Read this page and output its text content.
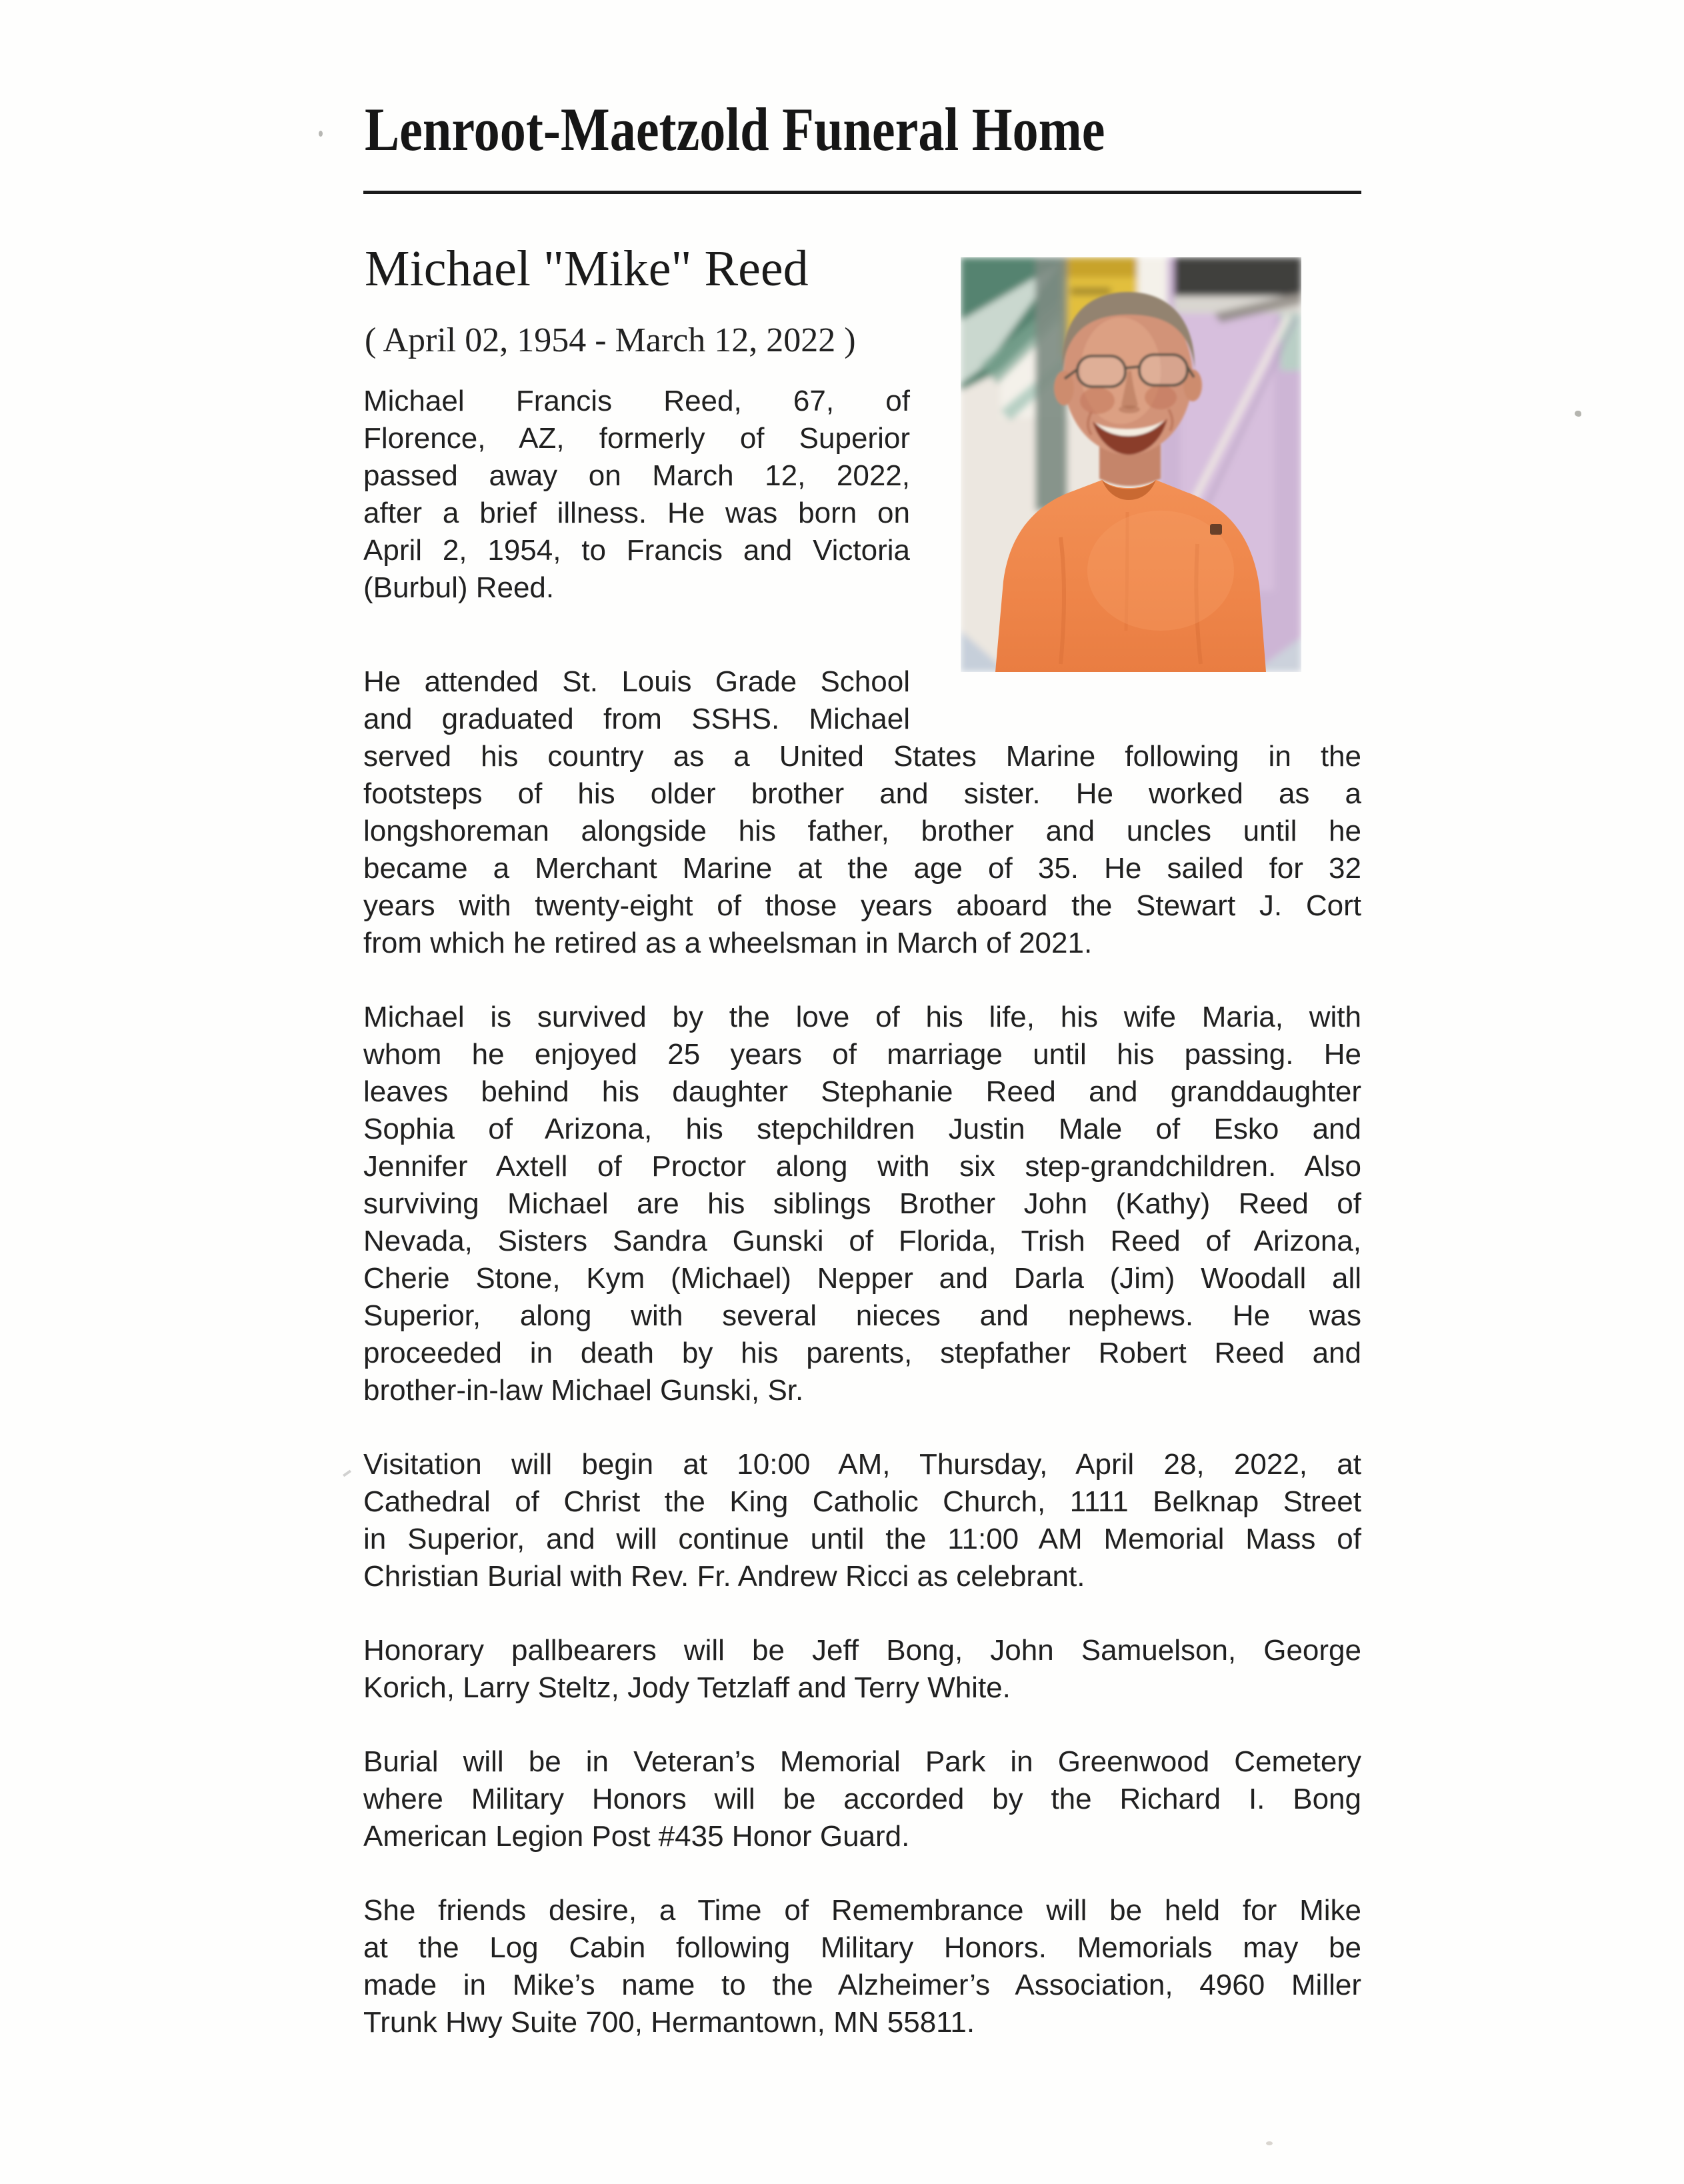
Lenroot-Maetzold Funeral Home
Michael "Mike" Reed
( April 02, 1954 - March 12, 2022 )
Michael Francis Reed, 67, of
Florence, AZ, formerly of Superior
passed away on March 12, 2022,
after a brief illness. He was born on
April 2, 1954, to Francis and Victoria
(Burbul) Reed.
He attended St. Louis Grade School
and graduated from SSHS. Michael
served his country as a United States Marine following in the
footsteps of his older brother and sister. He worked as a
longshoreman alongside his father, brother and uncles until he
became a Merchant Marine at the age of 35. He sailed for 32
years with twenty-eight of those years aboard the Stewart J. Cort
from which he retired as a wheelsman in March of 2021.
Michael is survived by the love of his life, his wife Maria, with
whom he enjoyed 25 years of marriage until his passing. He
leaves behind his daughter Stephanie Reed and granddaughter
Sophia of Arizona, his stepchildren Justin Male of Esko and
Jennifer Axtell of Proctor along with six step-grandchildren. Also
surviving Michael are his siblings Brother John (Kathy) Reed of
Nevada, Sisters Sandra Gunski of Florida, Trish Reed of Arizona,
Cherie Stone, Kym (Michael) Nepper and Darla (Jim) Woodall all
Superior, along with several nieces and nephews. He was
proceeded in death by his parents, stepfather Robert Reed and
brother-in-law Michael Gunski, Sr.
Visitation will begin at 10:00 AM, Thursday, April 28, 2022, at
Cathedral of Christ the King Catholic Church, 1111 Belknap Street
in Superior, and will continue until the 11:00 AM Memorial Mass of
Christian Burial with Rev. Fr. Andrew Ricci as celebrant.
Honorary pallbearers will be Jeff Bong, John Samuelson, George
Korich, Larry Steltz, Jody Tetzlaff and Terry White.
Burial will be in Veteran’s Memorial Park in Greenwood Cemetery
where Military Honors will be accorded by the Richard I. Bong
American Legion Post #435 Honor Guard.
She friends desire, a Time of Remembrance will be held for Mike
at the Log Cabin following Military Honors. Memorials may be
made in Mike’s name to the Alzheimer’s Association, 4960 Miller
Trunk Hwy Suite 700, Hermantown, MN 55811.
